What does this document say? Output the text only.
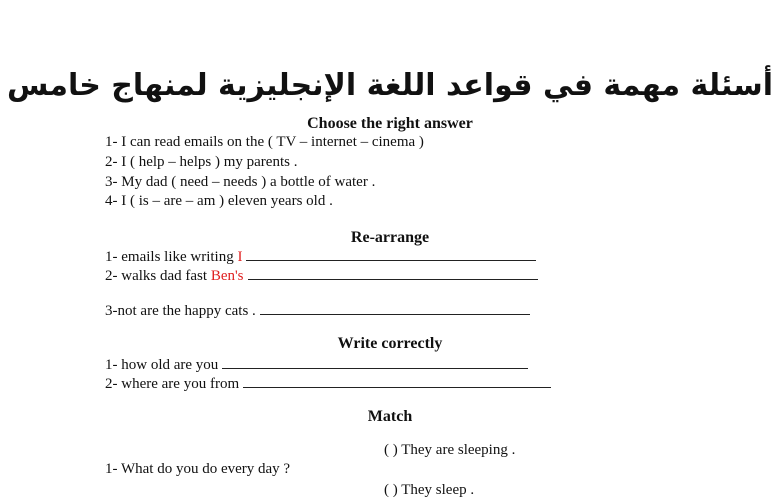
أسئلة مهمة في قواعد اللغة الإنجليزية لمنهاج خامس
Choose the right answer
1- I can read emails on the ( TV – internet – cinema )
2- I ( help – helps ) my parents .
3- My dad ( need – needs ) a bottle of water .
4- I ( is – are – am ) eleven years old .
Re-arrange
1- emails like writing I
2- walks dad fast Ben's
3-not are the happy cats .
Write correctly
1- how old are you
2- where are you from
Match
( ) They are sleeping .
1- What do you do every day ?
( ) They sleep .
